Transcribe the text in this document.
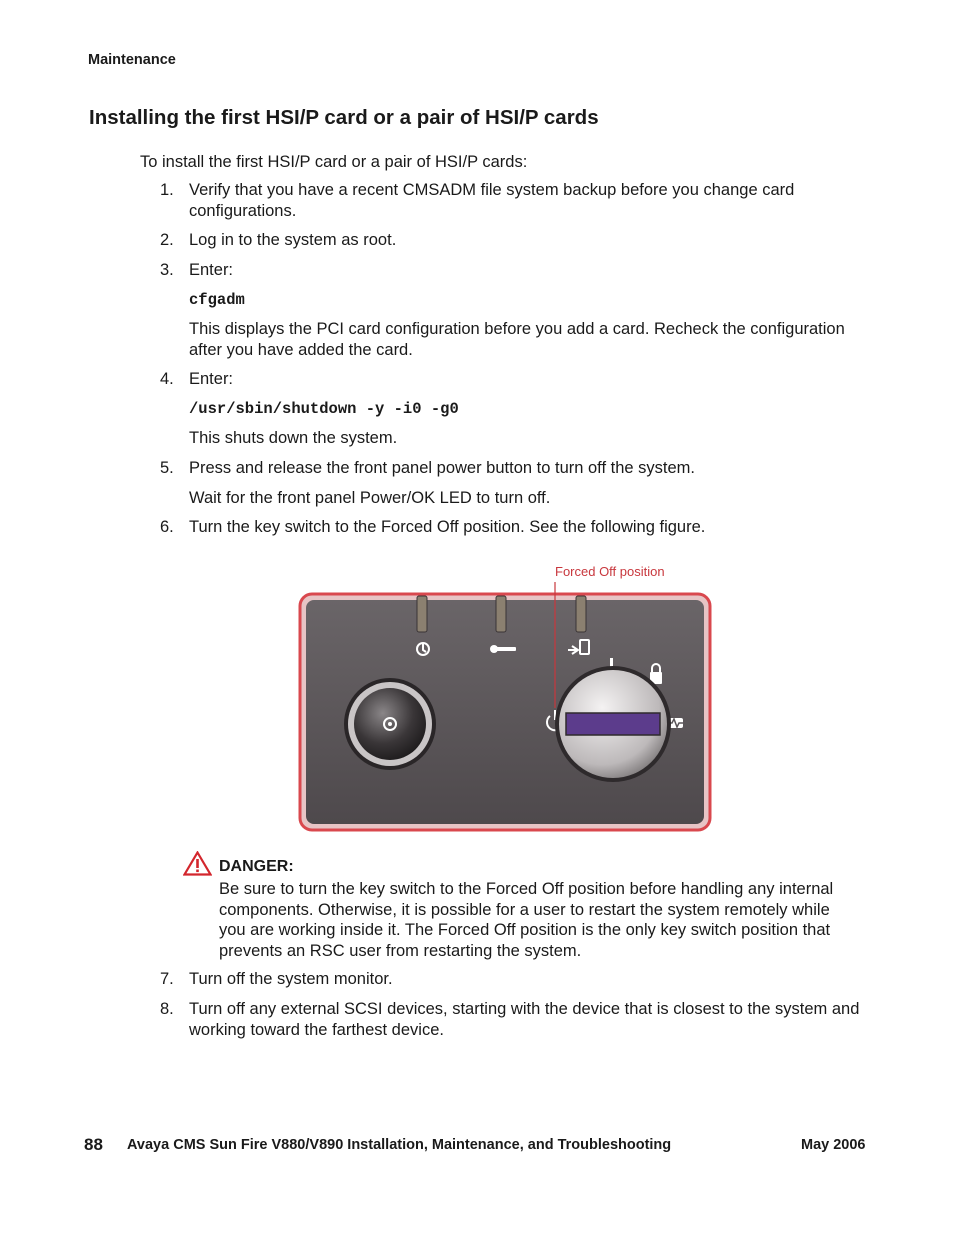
Maintenance
Installing the first HSI/P card or a pair of HSI/P cards
To install the first HSI/P card or a pair of HSI/P cards:
1. Verify that you have a recent CMSADM file system backup before you change card configurations.
2. Log in to the system as root.
3. Enter:
cfgadm
This displays the PCI card configuration before you add a card. Recheck the configuration after you have added the card.
4. Enter:
/usr/sbin/shutdown -y -i0 -g0
This shuts down the system.
5. Press and release the front panel power button to turn off the system.
Wait for the front panel Power/OK LED to turn off.
6. Turn the key switch to the Forced Off position. See the following figure.
Forced Off position
DANGER:
Be sure to turn the key switch to the Forced Off position before handling any internal components. Otherwise, it is possible for a user to restart the system remotely while you are working inside it. The Forced Off position is the only key switch position that prevents an RSC user from restarting the system.
7. Turn off the system monitor.
8. Turn off any external SCSI devices, starting with the device that is closest to the system and working toward the farthest device.
88 Avaya CMS Sun Fire V880/V890 Installation, Maintenance, and Troubleshooting	May 2006
